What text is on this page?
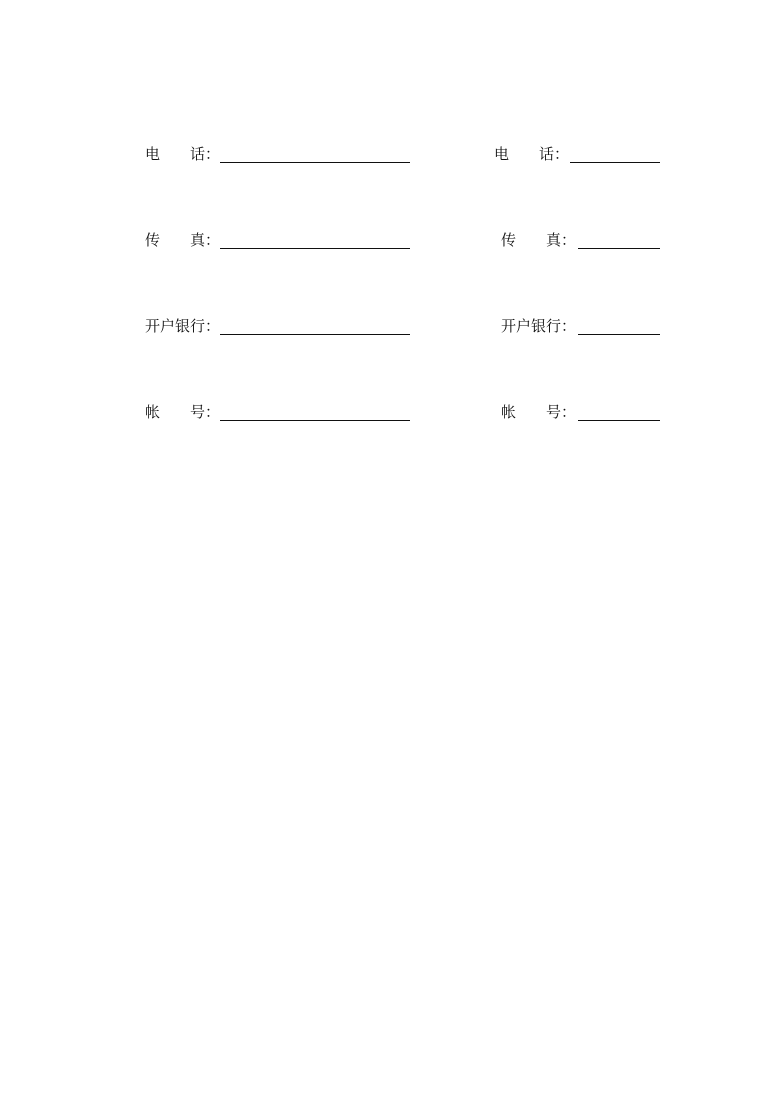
电 话 ：
传 真 ：
开户银行：
帐 号 ：
电 话 ：
传 真 ：
开户银行：
帐 号 ：
